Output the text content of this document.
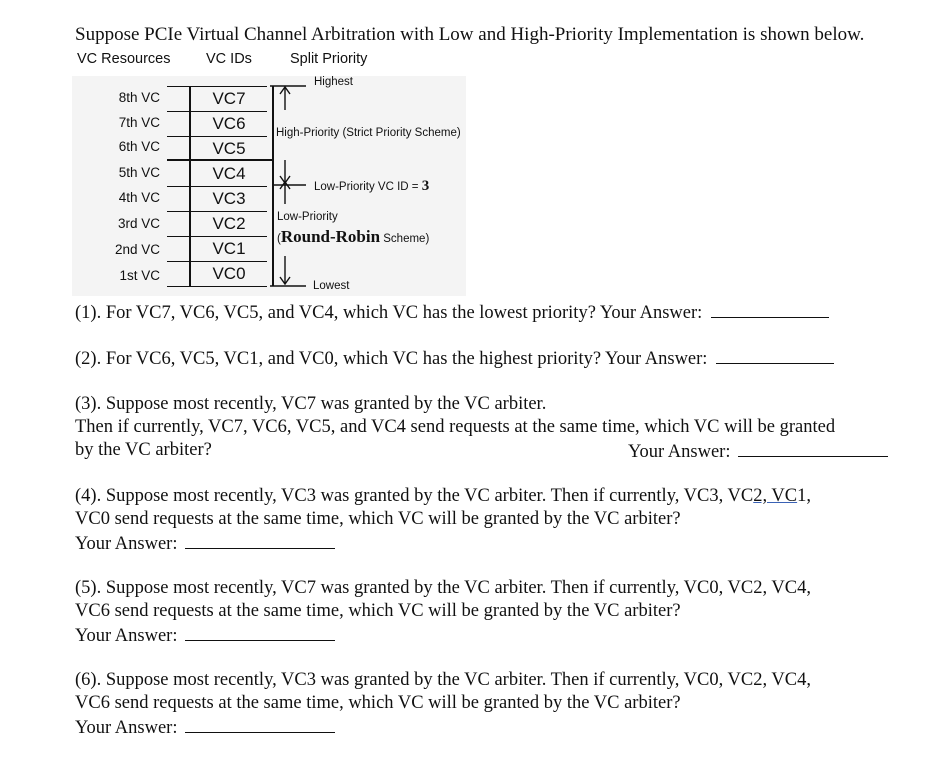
Suppose PCIe Virtual Channel Arbitration with Low and High-Priority Implementation is shown below.
VC Resources VC IDs	Split Priority
8th VC
7th VC
6th VC
5th VC
4th VC
3rd VC
2nd VC
1st VC
VC7
VC6
VC5
VC4
VC3
VC2
VC1
VC0
Highest
High-Priority (Strict Priority Scheme)
Low-Priority VC ID = 3
Low-Priority
(Round-Robin Scheme)
Lowest
(1). For VC7, VC6, VC5, and VC4, which VC has the lowest priority? Your Answer:
(2). For VC6, VC5, VC1, and VC0, which VC has the highest priority? Your Answer:
(3). Suppose most recently, VC7 was granted by the VC arbiter.
Then if currently, VC7, VC6, VC5, and VC4 send requests at the same time, which VC will be granted
by the VC arbiter?	Your Answer:
(4). Suppose most recently, VC3 was granted by the VC arbiter. Then if currently, VC3, VC2, VC1,
VC0 send requests at the same time, which VC will be granted by the VC arbiter?
Your Answer:
(5). Suppose most recently, VC7 was granted by the VC arbiter. Then if currently, VC0, VC2, VC4,
VC6 send requests at the same time, which VC will be granted by the VC arbiter?
Your Answer:
(6). Suppose most recently, VC3 was granted by the VC arbiter. Then if currently, VC0, VC2, VC4,
VC6 send requests at the same time, which VC will be granted by the VC arbiter?
Your Answer:
